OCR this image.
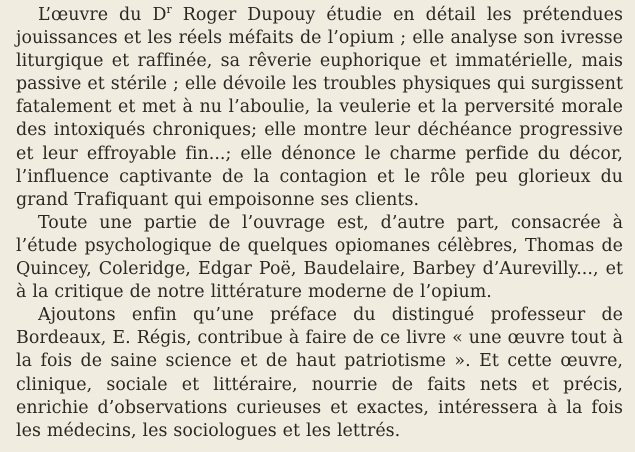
L’œuvre du $D^r$ Roger Dupouy étudie en détail les prétendues jouissances et les réels méfaits de l’opium ; elle analyse son ivresse liturgique et raffinée, sa rêverie euphorique et immatérielle, mais passive et stérile ; elle dévoile les troubles physiques qui surgissent fatalement et met à nu l’aboulie, la veulerie et la perversité morale des intoxiqués chroniques; elle montre leur déchéance progressive et leur effroyable fin...; elle dénonce le charme perfide du décor, l’influence captivante de la contagion et le rôle peu glorieux du grand Trafiquant qui empoisonne ses clients.

Toute une partie de l’ouvrage est, d’autre part, consacrée à l’étude psychologique de quelques opiomanes célèbres, Thomas de Quincey, Coleridge, Edgar Poë, Baudelaire, Barbey d’Aurevilly..., et à la critique de notre littérature moderne de l’opium.

Ajoutons enfin qu’une préface du distingué professeur de Bordeaux, E. Régis, contribue à faire de ce livre « une œuvre tout à la fois de saine science et de haut patriotisme ». Et cette œuvre, clinique, sociale et littéraire, nourrie de faits nets et précis, enrichie d’observations curieuses et exactes, intéressera à la fois les médecins, les sociologues et les lettrés.
